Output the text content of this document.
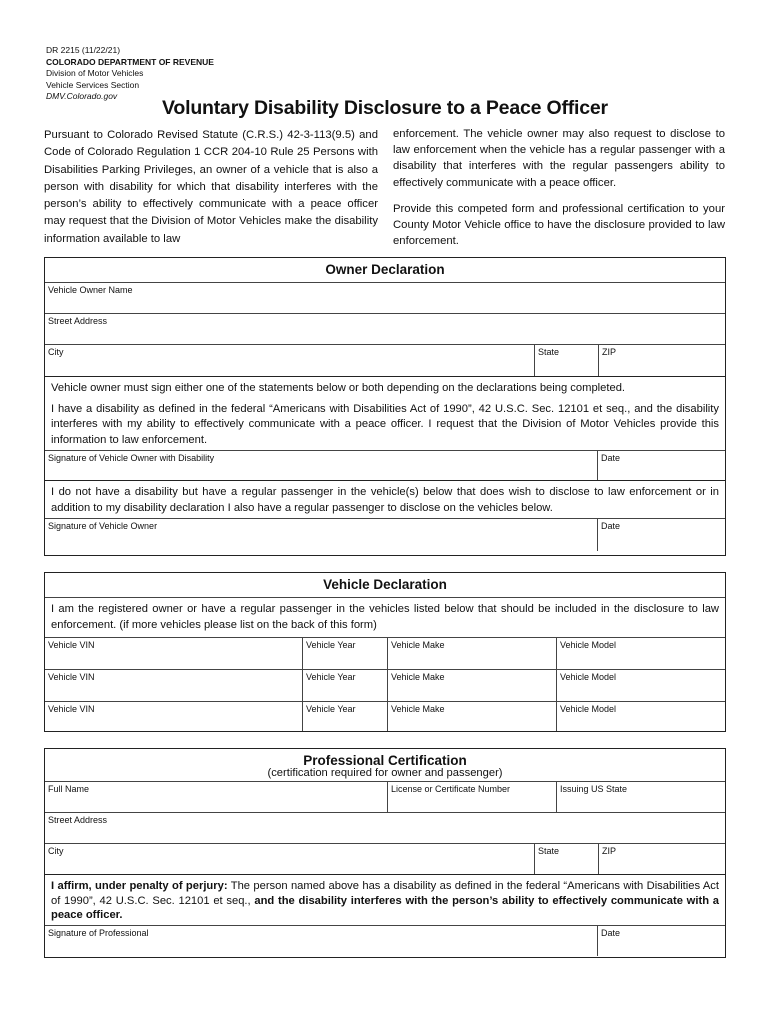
DR 2215 (11/22/21)
COLORADO DEPARTMENT OF REVENUE
Division of Motor Vehicles
Vehicle Services Section
DMV.Colorado.gov
Voluntary Disability Disclosure to a Peace Officer

Pursuant to Colorado Revised Statute (C.R.S.) 42-3-113(9.5) and Code of Colorado Regulation 1 CCR 204-10 Rule 25 Persons with Disabilities Parking Privileges, an owner of a vehicle that is also a person with disability for which that disability interferes with the person’s ability to effectively communicate with a peace officer may request that the Division of Motor Vehicles make the disability information available to law

enforcement. The vehicle owner may also request to disclose to law enforcement when the vehicle has a regular passenger with a disability that interferes with the regular passengers ability to effectively communicate with a peace officer.

Provide this competed form and professional certification to your County Motor Vehicle office to have the disclosure provided to law enforcement.

Owner Declaration
Vehicle Owner Name
Street Address
City	State	ZIP
Vehicle owner must sign either one of the statements below or both depending on the declarations being completed.
I have a disability as defined in the federal “Americans with Disabilities Act of 1990”, 42 U.S.C. Sec. 12101 et seq., and the disability interferes with my ability to effectively communicate with a peace officer. I request that the Division of Motor Vehicles provide this information to law enforcement.
Signature of Vehicle Owner with Disability	Date
I do not have a disability but have a regular passenger in the vehicle(s) below that does wish to disclose to law enforcement or in addition to my disability declaration I also have a regular passenger to disclose on the vehicles below.
Signature of Vehicle Owner	Date
Vehicle Declaration
I am the registered owner or have a regular passenger in the vehicles listed below that should be included in the disclosure to law enforcement. (if more vehicles please list on the back of this form)
Vehicle VIN	Vehicle Year	Vehicle Make	Vehicle Model
Vehicle VIN	Vehicle Year	Vehicle Make	Vehicle Model
Vehicle VIN	Vehicle Year	Vehicle Make	Vehicle Model
Professional Certification
(certification required for owner and passenger)
Full Name	License or Certificate Number	Issuing US State
Street Address
City	State	ZIP
I affirm, under penalty of perjury: The person named above has a disability as defined in the federal “Americans with Disabilities Act of 1990”, 42 U.S.C. Sec. 12101 et seq., and the disability interferes with the person’s ability to effectively communicate with a peace officer.
Signature of Professional	Date
